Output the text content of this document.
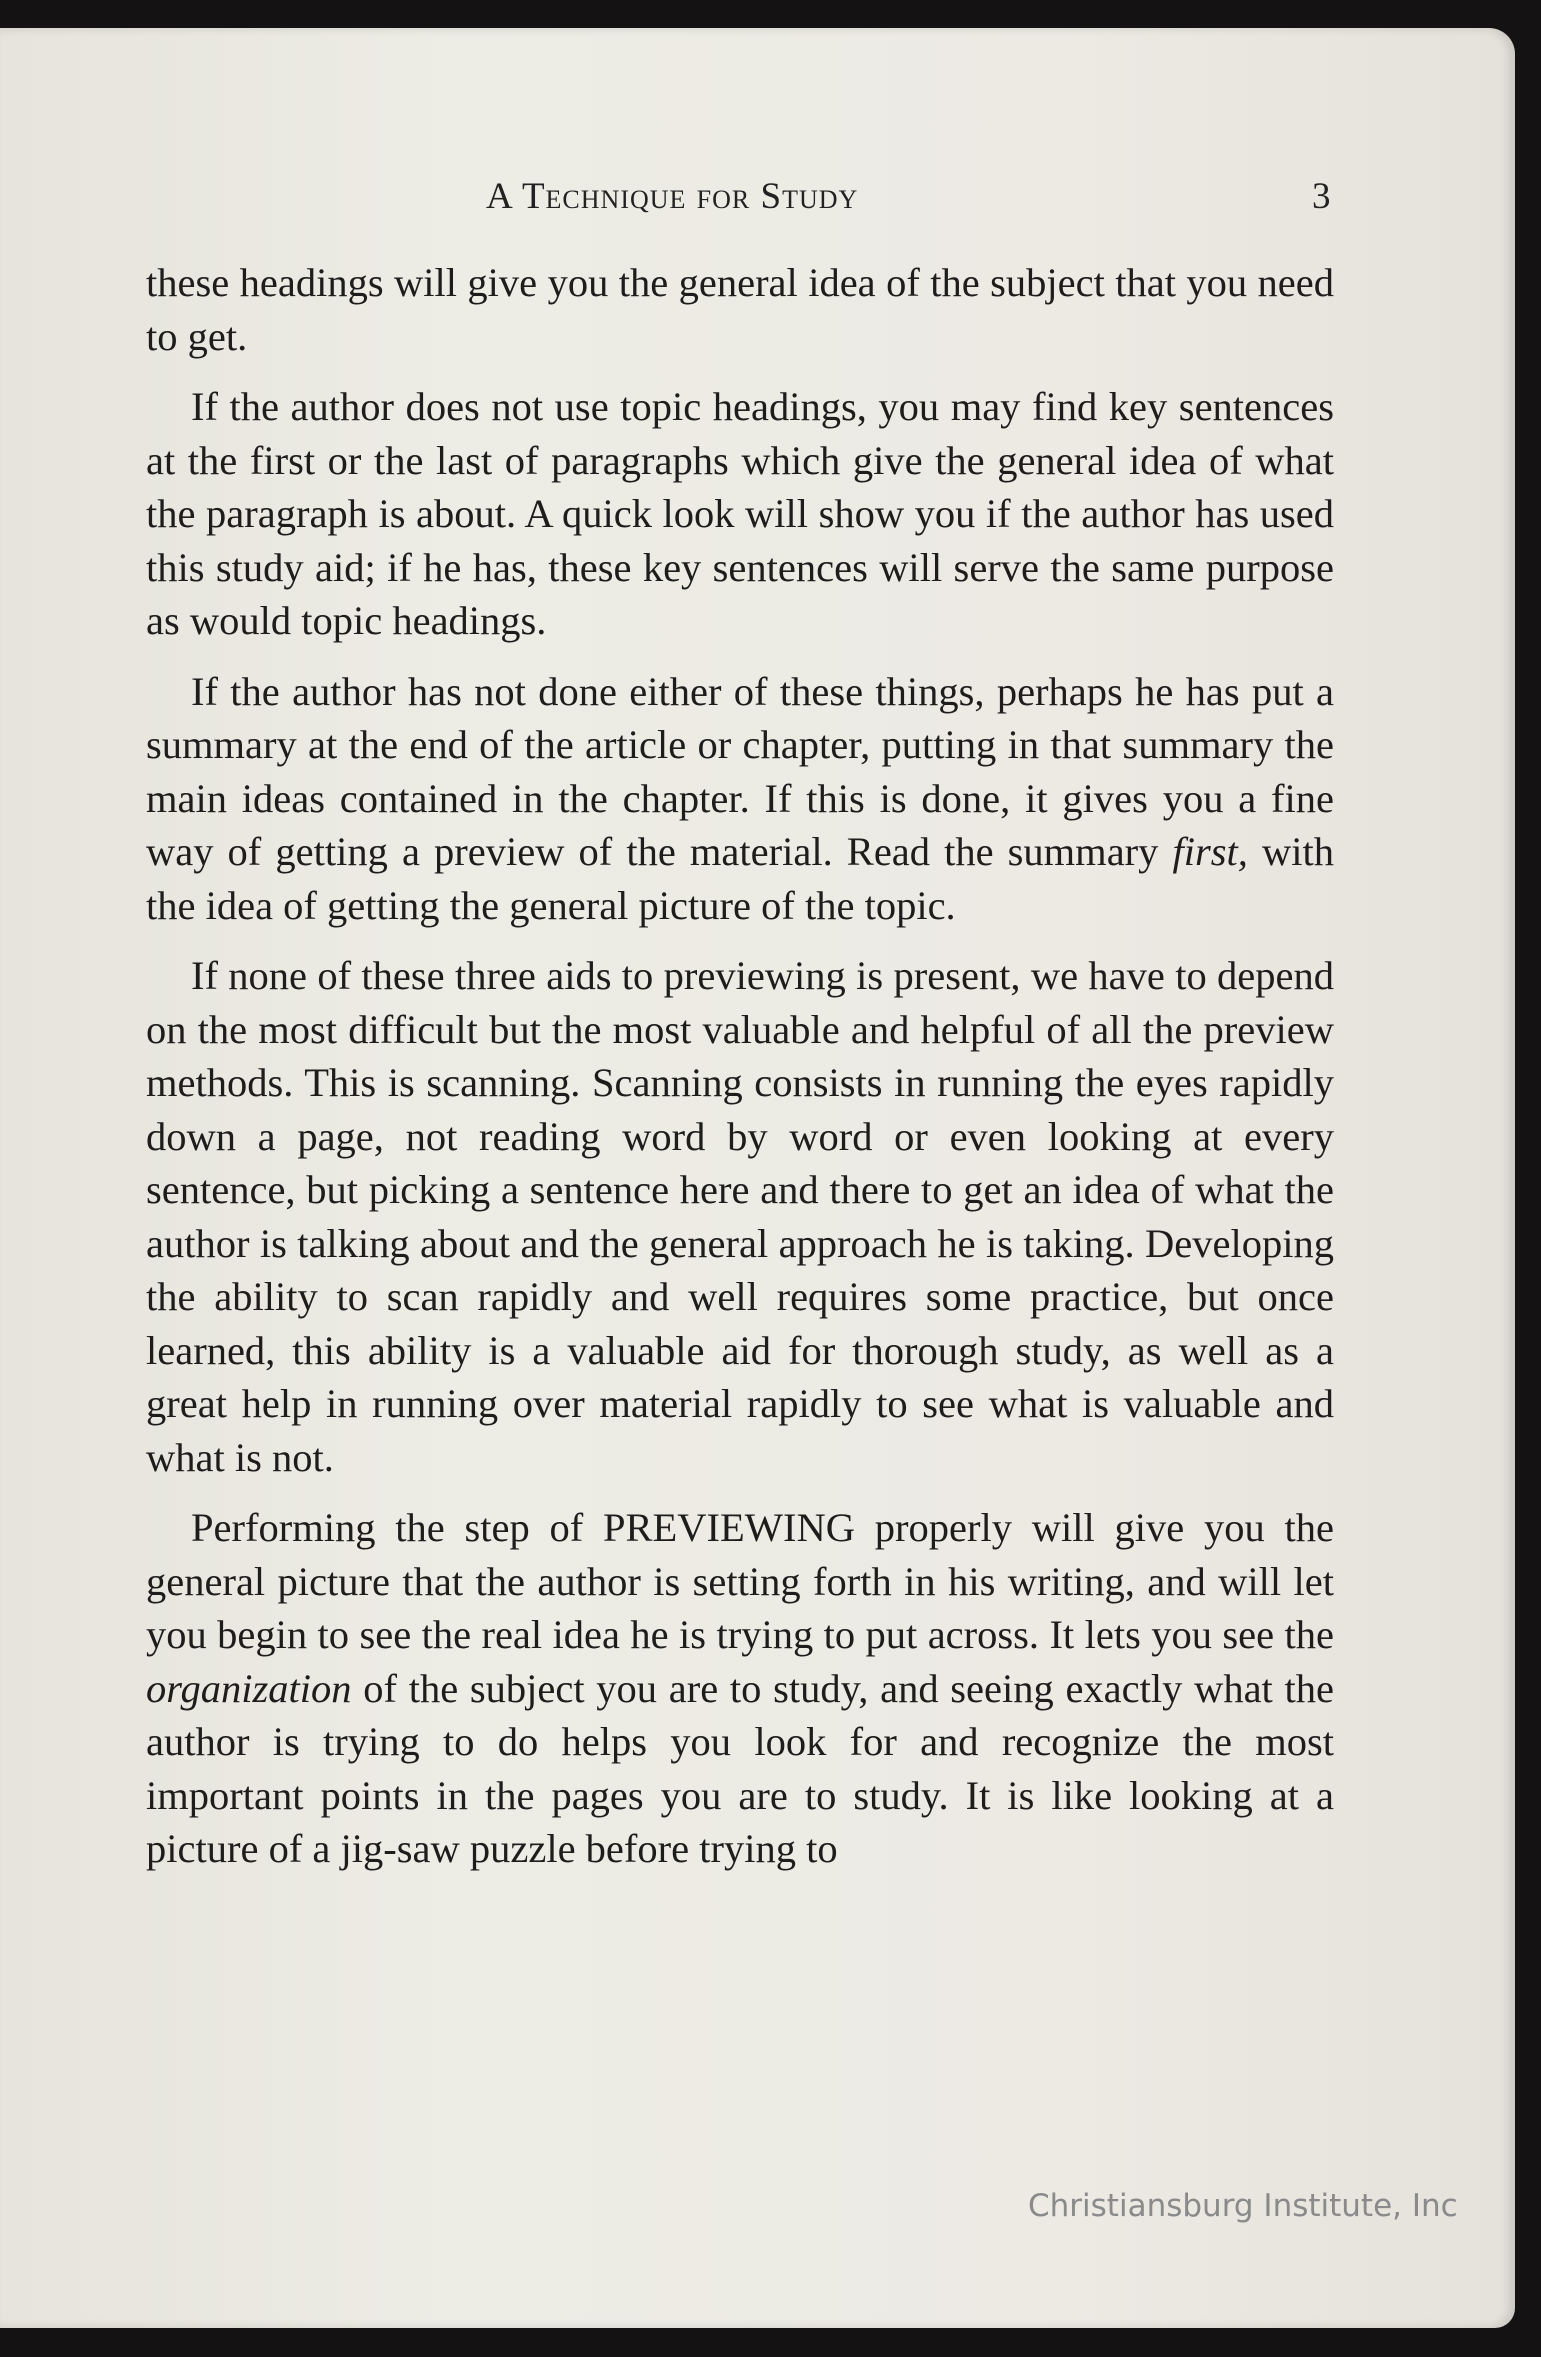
A Technique for Study	3

these headings will give you the general idea of the subject that you need to get.

If the author does not use topic headings, you may find key sentences at the first or the last of paragraphs which give the general idea of what the paragraph is about. A quick look will show you if the author has used this study aid; if he has, these key sentences will serve the same purpose as would topic headings.

If the author has not done either of these things, perhaps he has put a summary at the end of the article or chapter, putting in that summary the main ideas contained in the chapter. If this is done, it gives you a fine way of getting a preview of the material. Read the summary first, with the idea of getting the general picture of the topic.

If none of these three aids to previewing is present, we have to depend on the most difficult but the most valuable and helpful of all the preview methods. This is scanning. Scanning consists in running the eyes rapidly down a page, not reading word by word or even looking at every sentence, but picking a sentence here and there to get an idea of what the author is talking about and the general approach he is taking. Developing the ability to scan rapidly and well requires some practice, but once learned, this ability is a valuable aid for thorough study, as well as a great help in running over material rapidly to see what is valuable and what is not.

Performing the step of PREVIEWING properly will give you the general picture that the author is setting forth in his writing, and will let you begin to see the real idea he is trying to put across. It lets you see the organization of the subject you are to study, and seeing exactly what the author is trying to do helps you look for and recognize the most important points in the pages you are to study. It is like looking at a picture of a jig-saw puzzle before trying to

Christiansburg Institute, Inc
